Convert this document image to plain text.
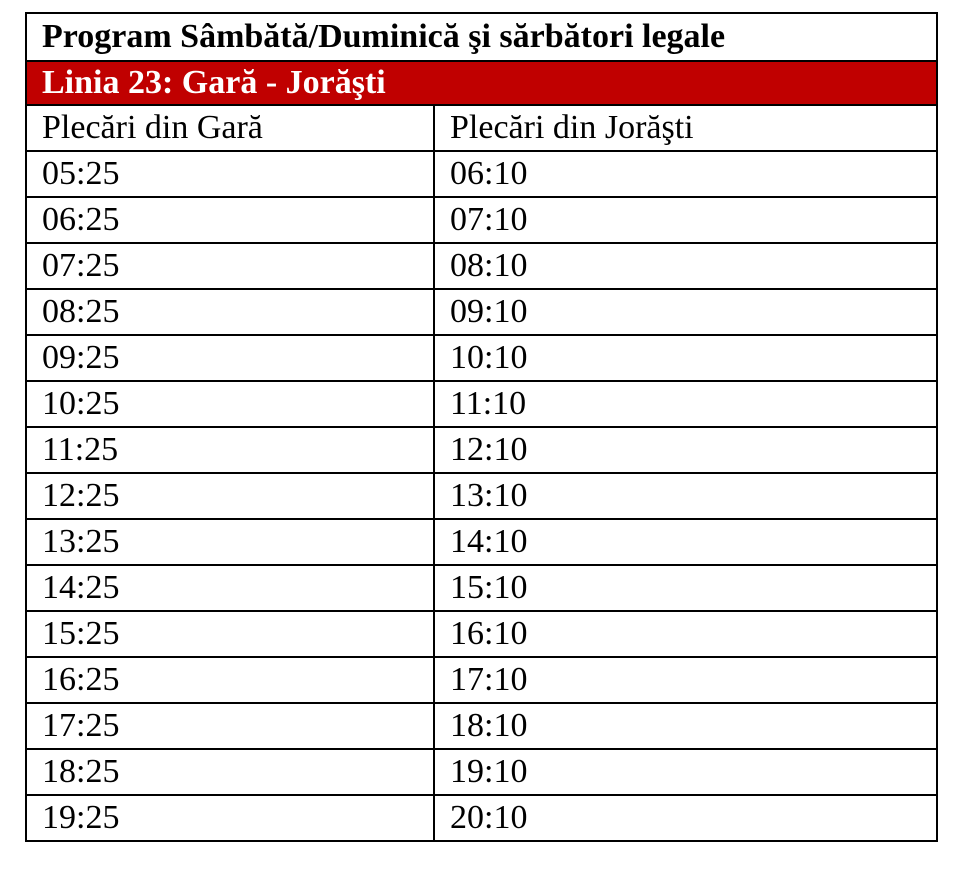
Program Sâmbătă/Duminică şi sărbători legale	
Linia 23: Gară - Jorăşti	
Plecări din Gară	Plecări din Jorăşti
05:25	06:10
06:25	07:10
07:25	08:10
08:25	09:10
09:25	10:10
10:25	11:10
11:25	12:10
12:25	13:10
13:25	14:10
14:25	15:10
15:25	16:10
16:25	17:10
17:25	18:10
18:25	19:10
19:25	20:10
